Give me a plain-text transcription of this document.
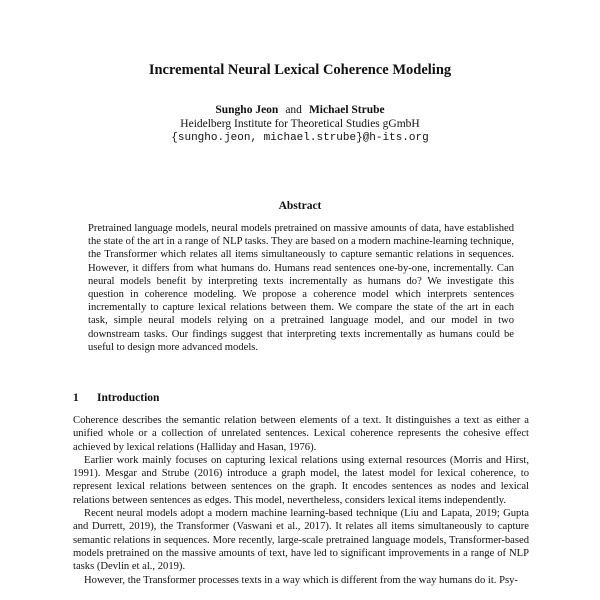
Incremental Neural Lexical Coherence Modeling
Sungho Jeon and Michael Strube
Heidelberg Institute for Theoretical Studies gGmbH
{sungho.jeon, michael.strube}@h-its.org
Abstract
Pretrained language models, neural models pretrained on massive amounts of data, have established the state of the art in a range of NLP tasks. They are based on a modern machine-learning technique, the Transformer which relates all items simultaneously to capture semantic relations in sequences. However, it differs from what humans do. Humans read sentences one-by-one, incrementally. Can neural models benefit by interpreting texts incrementally as humans do? We investigate this question in coherence modeling. We propose a coherence model which interprets sentences incrementally to capture lexical relations between them. We compare the state of the art in each task, simple neural models relying on a pretrained language model, and our model in two downstream tasks. Our findings suggest that interpreting texts incrementally as humans could be useful to design more advanced models.
1 Introduction

Coherence describes the semantic relation between elements of a text. It distinguishes a text as either a unified whole or a collection of unrelated sentences. Lexical coherence represents the cohesive effect achieved by lexical relations (Halliday and Hasan, 1976).

Earlier work mainly focuses on capturing lexical relations using external resources (Morris and Hirst, 1991). Mesgar and Strube (2016) introduce a graph model, the latest model for lexical coherence, to represent lexical relations between sentences on the graph. It encodes sentences as nodes and lexical relations between sentences as edges. This model, nevertheless, considers lexical items independently.

Recent neural models adopt a modern machine learning-based technique (Liu and Lapata, 2019; Gupta and Durrett, 2019), the Transformer (Vaswani et al., 2017). It relates all items simultaneously to capture semantic relations in sequences. More recently, large-scale pretrained language models, Transformer-based models pretrained on the massive amounts of text, have led to significant improvements in a range of NLP tasks (Devlin et al., 2019).

However, the Transformer processes texts in a way which is different from the way humans do it. Psy-
